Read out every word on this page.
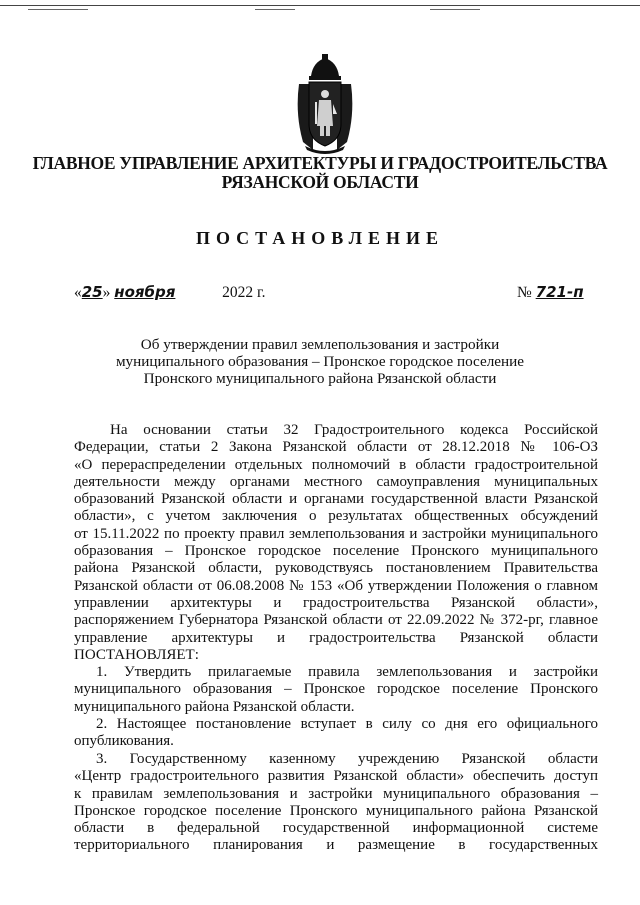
ГЛАВНОЕ УПРАВЛЕНИЕ АРХИТЕКТУРЫ И ГРАДОСТРОИТЕЛЬСТВА
РЯЗАНСКОЙ ОБЛАСТИ
ПОСТАНОВЛЕНИЕ
«25» ноября	2022 г.	№ 721-п
Об утверждении правил землепользования и застройки
муниципального образования – Пронское городское поселение
Пронского муниципального района Рязанской области
На основании статьи 32 Градостроительного кодекса Российской
Федерации, статьи 2 Закона Рязанской области от 28.12.2018 № 106-ОЗ
«О перераспределении отдельных полномочий в области градостроительной
деятельности между органами местного самоуправления муниципальных
образований Рязанской области и органами государственной власти Рязанской
области», с учетом заключения о результатах общественных обсуждений
от 15.11.2022 по проекту правил землепользования и застройки муниципального
образования – Пронское городское поселение Пронского муниципального
района Рязанской области, руководствуясь постановлением Правительства
Рязанской области от 06.08.2008 № 153 «Об утверждении Положения о главном
управлении архитектуры и градостроительства Рязанской области»,
распоряжением Губернатора Рязанской области от 22.09.2022 № 372-рг, главное
управление архитектуры и градостроительства Рязанской области
ПОСТАНОВЛЯЕТ:
1. Утвердить прилагаемые правила землепользования и застройки
муниципального образования – Пронское городское поселение Пронского
муниципального района Рязанской области.
2. Настоящее постановление вступает в силу со дня его официального
опубликования.
3. Государственному казенному учреждению Рязанской области
«Центр градостроительного развития Рязанской области» обеспечить доступ
к правилам землепользования и застройки муниципального образования –
Пронское городское поселение Пронского муниципального района Рязанской
области в федеральной государственной информационной системе
территориального планирования и размещение в государственных
